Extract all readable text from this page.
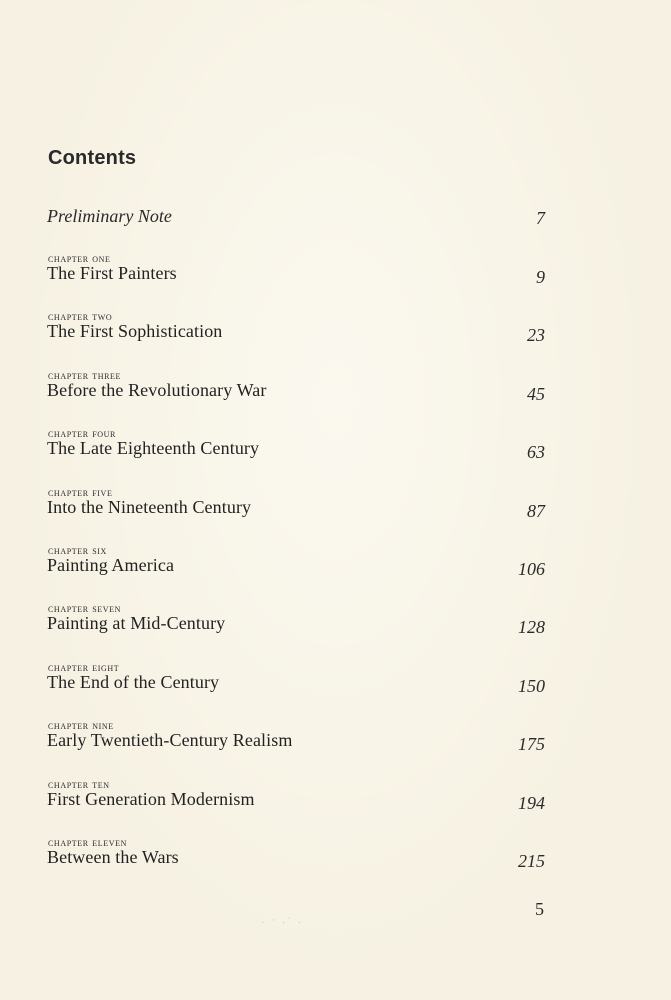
Contents
Preliminary Note	7
chapter one
The First Painters	9
chapter two
The First Sophistication	23
chapter three
Before the Revolutionary War	45
chapter four
The Late Eighteenth Century	63
chapter five
Into the Nineteenth Century	87
chapter six
Painting America	106
chapter seven
Painting at Mid-Century	128
chapter eight
The End of the Century	150
chapter nine
Early Twentieth-Century Realism	175
chapter ten
First Generation Modernism	194
chapter eleven
Between the Wars	215
. · .˙ .
5
